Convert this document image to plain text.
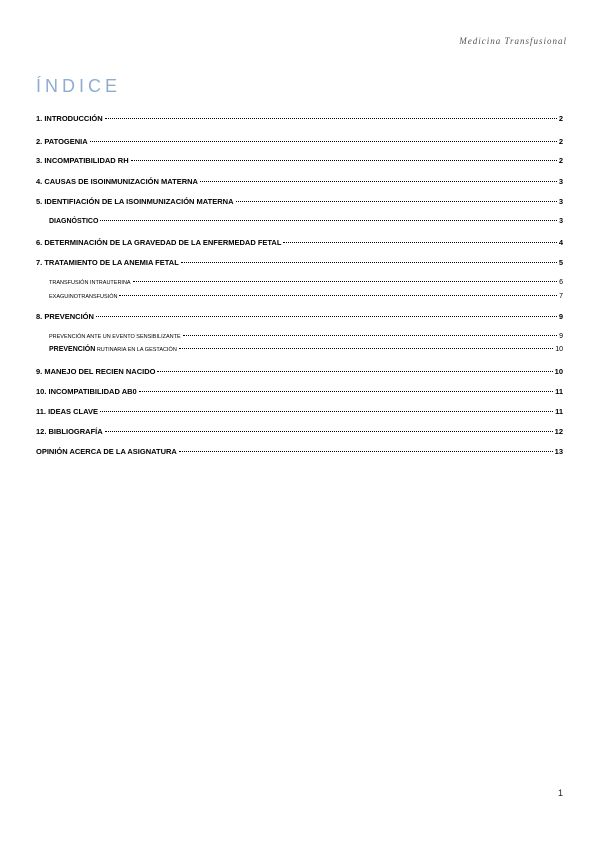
Medicina Transfusional
ÍNDICE
1. INTRODUCCIÓN	2
2. PATOGENIA	2
3. INCOMPATIBILIDAD RH	2
4. CAUSAS DE ISOINMUNIZACIÓN MATERNA	3
5. IDENTIFIACIÓN DE LA ISOINMUNIZACIÓN MATERNA	3
DIAGNÓSTICO	3
6. DETERMINACIÓN DE LA GRAVEDAD DE LA ENFERMEDAD FETAL	4
7. TRATAMIENTO DE LA ANEMIA FETAL	5
TRANSFUSIÓN INTRAUTERINA	6
EXAGUINOTRANSFUSIÓN	7
8. PREVENCIÓN	9
PREVENCIÓN ANTE UN EVENTO SENSIBILIZANTE	9
PREVENCIÓN RUTINARIA EN LA GESTACIÓN	10
9. MANEJO DEL RECIEN NACIDO	10
10. INCOMPATIBILIDAD AB0	11
11. IDEAS CLAVE	11
12. BIBLIOGRAFÍA	12
OPINIÓN ACERCA DE LA ASIGNATURA	13
1
